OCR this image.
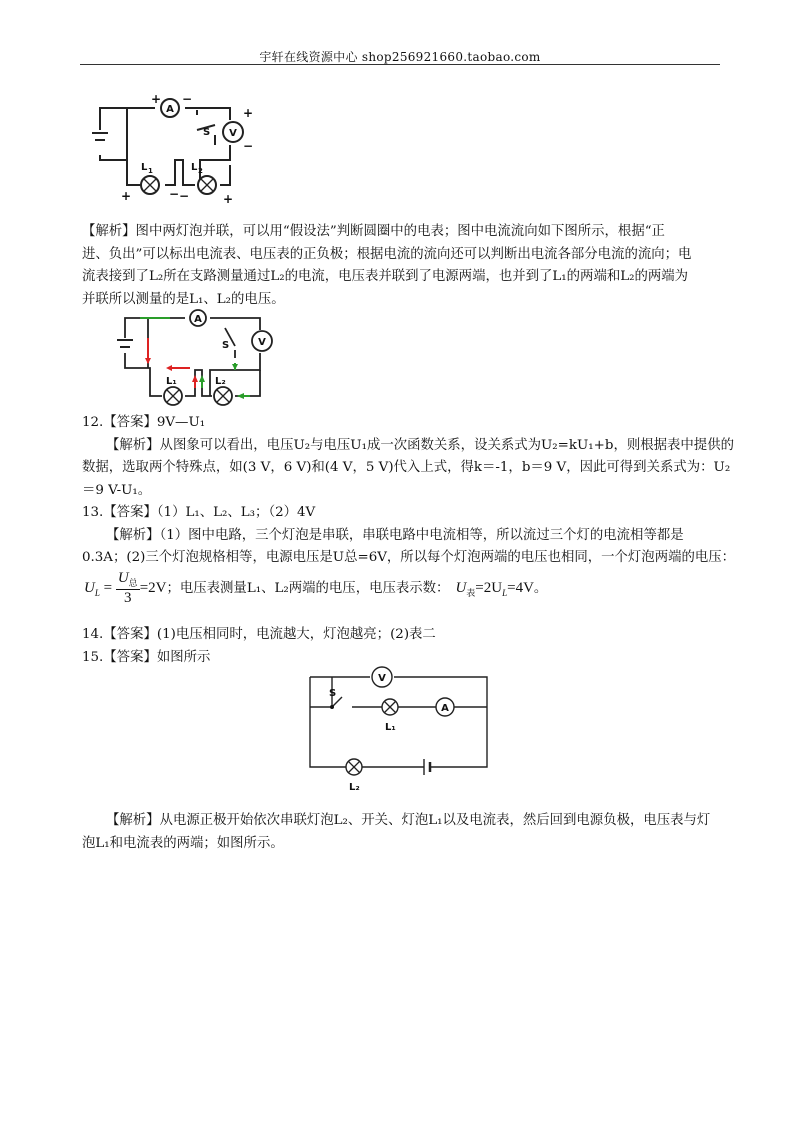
宇轩在线资源中心 shop256921660.taobao.com
A
V
S
L 1	L 2
+ −
+
−
+	− −	+
【解析】图中两灯泡并联，可以用“假设法”判断圆圈中的电表；图中电流流向如下图所示，根据“正
进、负出”可以标出电流表、电压表的正负极；根据电流的流向还可以判断出电流各部分电流的流向；电
流表接到了L₂所在支路测量通过L₂的电流，电压表并联到了电源两端，也并到了L₁的两端和L₂的两端为
并联所以测量的是L₁、L₂的电压。
A
V
S
L₁	L₂
12.【答案】9V—U₁
【解析】从图象可以看出，电压U₂与电压U₁成一次函数关系，设关系式为U₂=kU₁+b，则根据表中提供的
数据，选取两个特殊点，如(3 V，6 V)和(4 V，5 V)代入上式，得k＝-1，b＝9 V，因此可得到关系式为：U₂
＝9 V-U₁。
13.【答案】（1）L₁、L₂、L₃；（2）4V
【解析】（1）图中电路，三个灯泡是串联，串联电路中电流相等，所以流过三个灯的电流相等都是
0.3A；(2)三个灯泡规格相等，电源电压是U总=6V，所以每个灯泡两端的电压也相同，一个灯泡两端的电压：
$U_L = \frac{U_总}{3} =2V$；电压表测量L₁、L₂两端的电压，电压表示数： $U_表=2U_L=4V$。
14.【答案】(1)电压相同时，电流越大，灯泡越亮；(2)表二
15.【答案】如图所示
V
S
L₁
A
L₂
【解析】从电源正极开始依次串联灯泡L₂、开关、灯泡L₁以及电流表，然后回到电源负极，电压表与灯
泡L₁和电流表的两端；如图所示。
